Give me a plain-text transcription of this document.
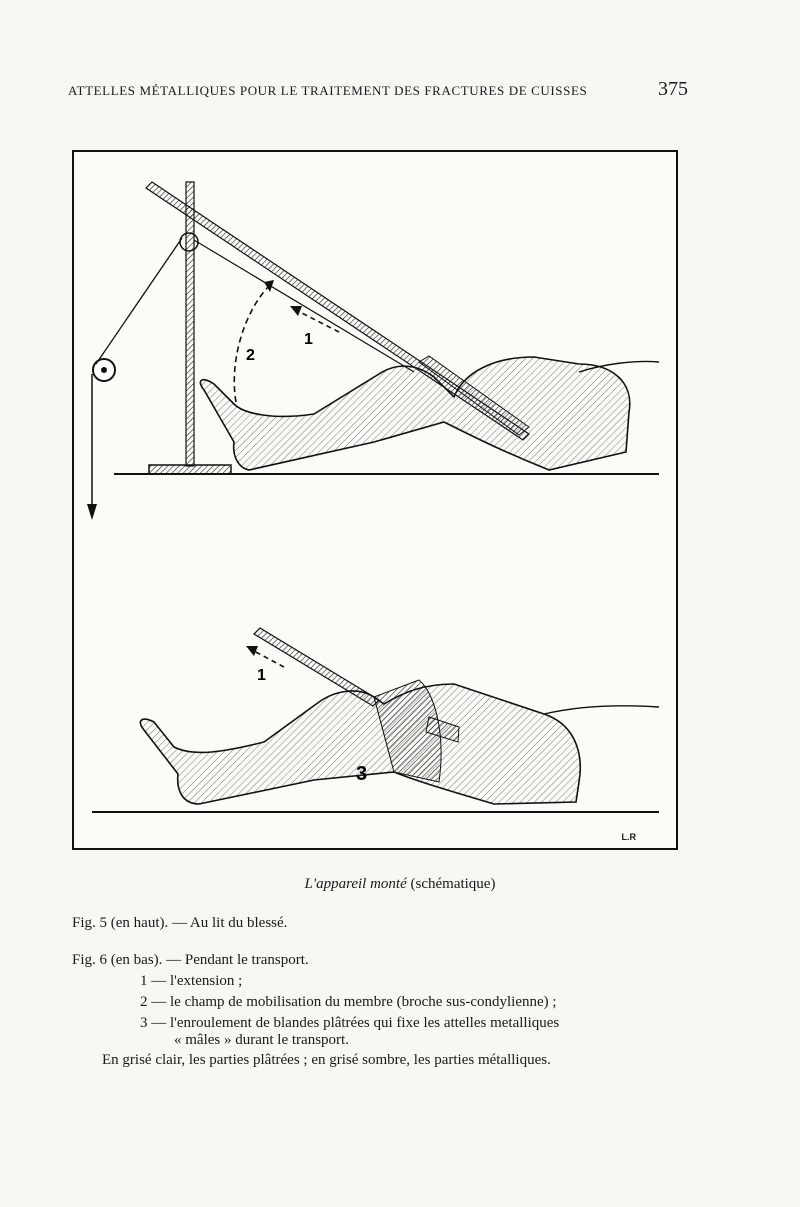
ATTELLES MÉTALLIQUES POUR LE TRAITEMENT DES FRACTURES DE CUISSES	375
1
2
1
3
L.R
L'appareil monté (schématique)
Fig. 5 (en haut). — Au lit du blessé.
Fig. 6 (en bas). — Pendant le transport.
1 — l'extension ;
2 — le champ de mobilisation du membre (broche sus-condylienne) ;
3 — l'enroulement de blandes plâtrées qui fixe les attelles metalliques
« mâles » durant le transport.
En grisé clair, les parties plâtrées ; en grisé sombre, les parties métalliques.
